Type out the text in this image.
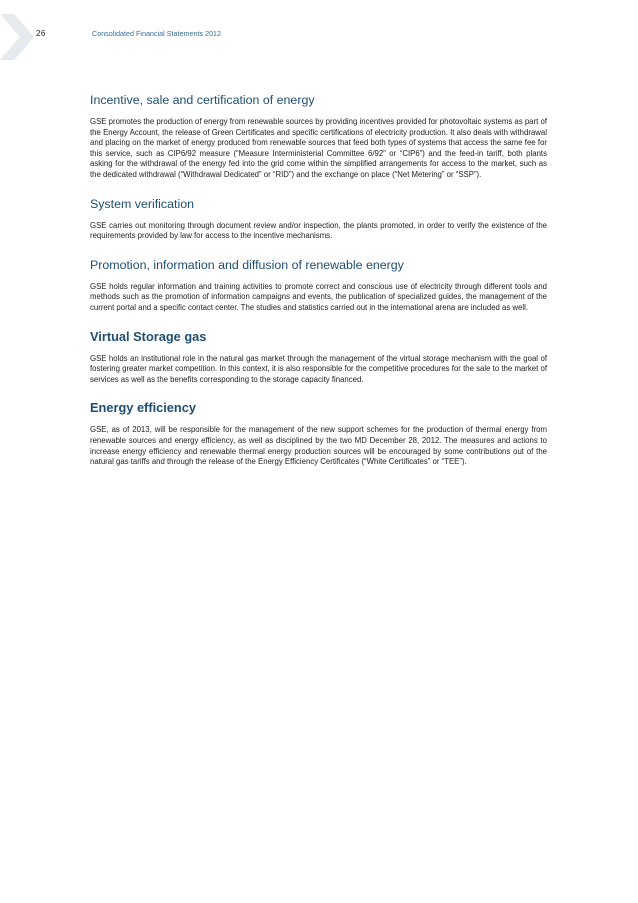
26	Consolidated Financial Statements 2012
Incentive, sale and certification of energy

GSE promotes the production of energy from renewable sources by providing incentives provided for photovoltaic systems as part of the Energy Account, the release of Green Certificates and specific certifications of electricity production. It also deals with withdrawal and placing on the market of energy produced from renewable sources that feed both types of systems that access the same fee for this service, such as CIP6/92 measure (“Measure Interministerial Committee 6/92” or “CIP6”) and the feed-in tariff, both plants asking for the withdrawal of the energy fed into the grid come within the simplified arrangements for access to the market, such as the dedicated withdrawal (“Withdrawal Dedicated” or “RID”) and the exchange on place (“Net Metering” or “SSP”).

System verification

GSE carries out monitoring through document review and/or inspection, the plants promoted, in order to verify the existence of the requirements provided by law for access to the incentive mechanisms.

Promotion, information and diffusion of renewable energy

GSE holds regular information and training activities to promote correct and conscious use of electricity through different tools and methods such as the promotion of information campaigns and events, the publication of specialized guides, the management of the current portal and a specific contact center. The studies and statistics carried out in the international arena are included as well.

Virtual Storage gas

GSE holds an institutional role in the natural gas market through the management of the virtual storage mechanism with the goal of fostering greater market competition. In this context, it is also responsible for the competitive procedures for the sale to the market of services as well as the benefits corresponding to the storage capacity financed.

Energy efficiency

GSE, as of 2013, will be responsible for the management of the new support schemes for the production of thermal energy from renewable sources and energy efficiency, as well as disciplined by the two MD December 28, 2012. The measures and actions to increase energy efficiency and renewable thermal energy production sources will be encouraged by some contributions out of the natural gas tariffs and through the release of the Energy Efficiency Certificates (“White Certificates” or “TEE”).
